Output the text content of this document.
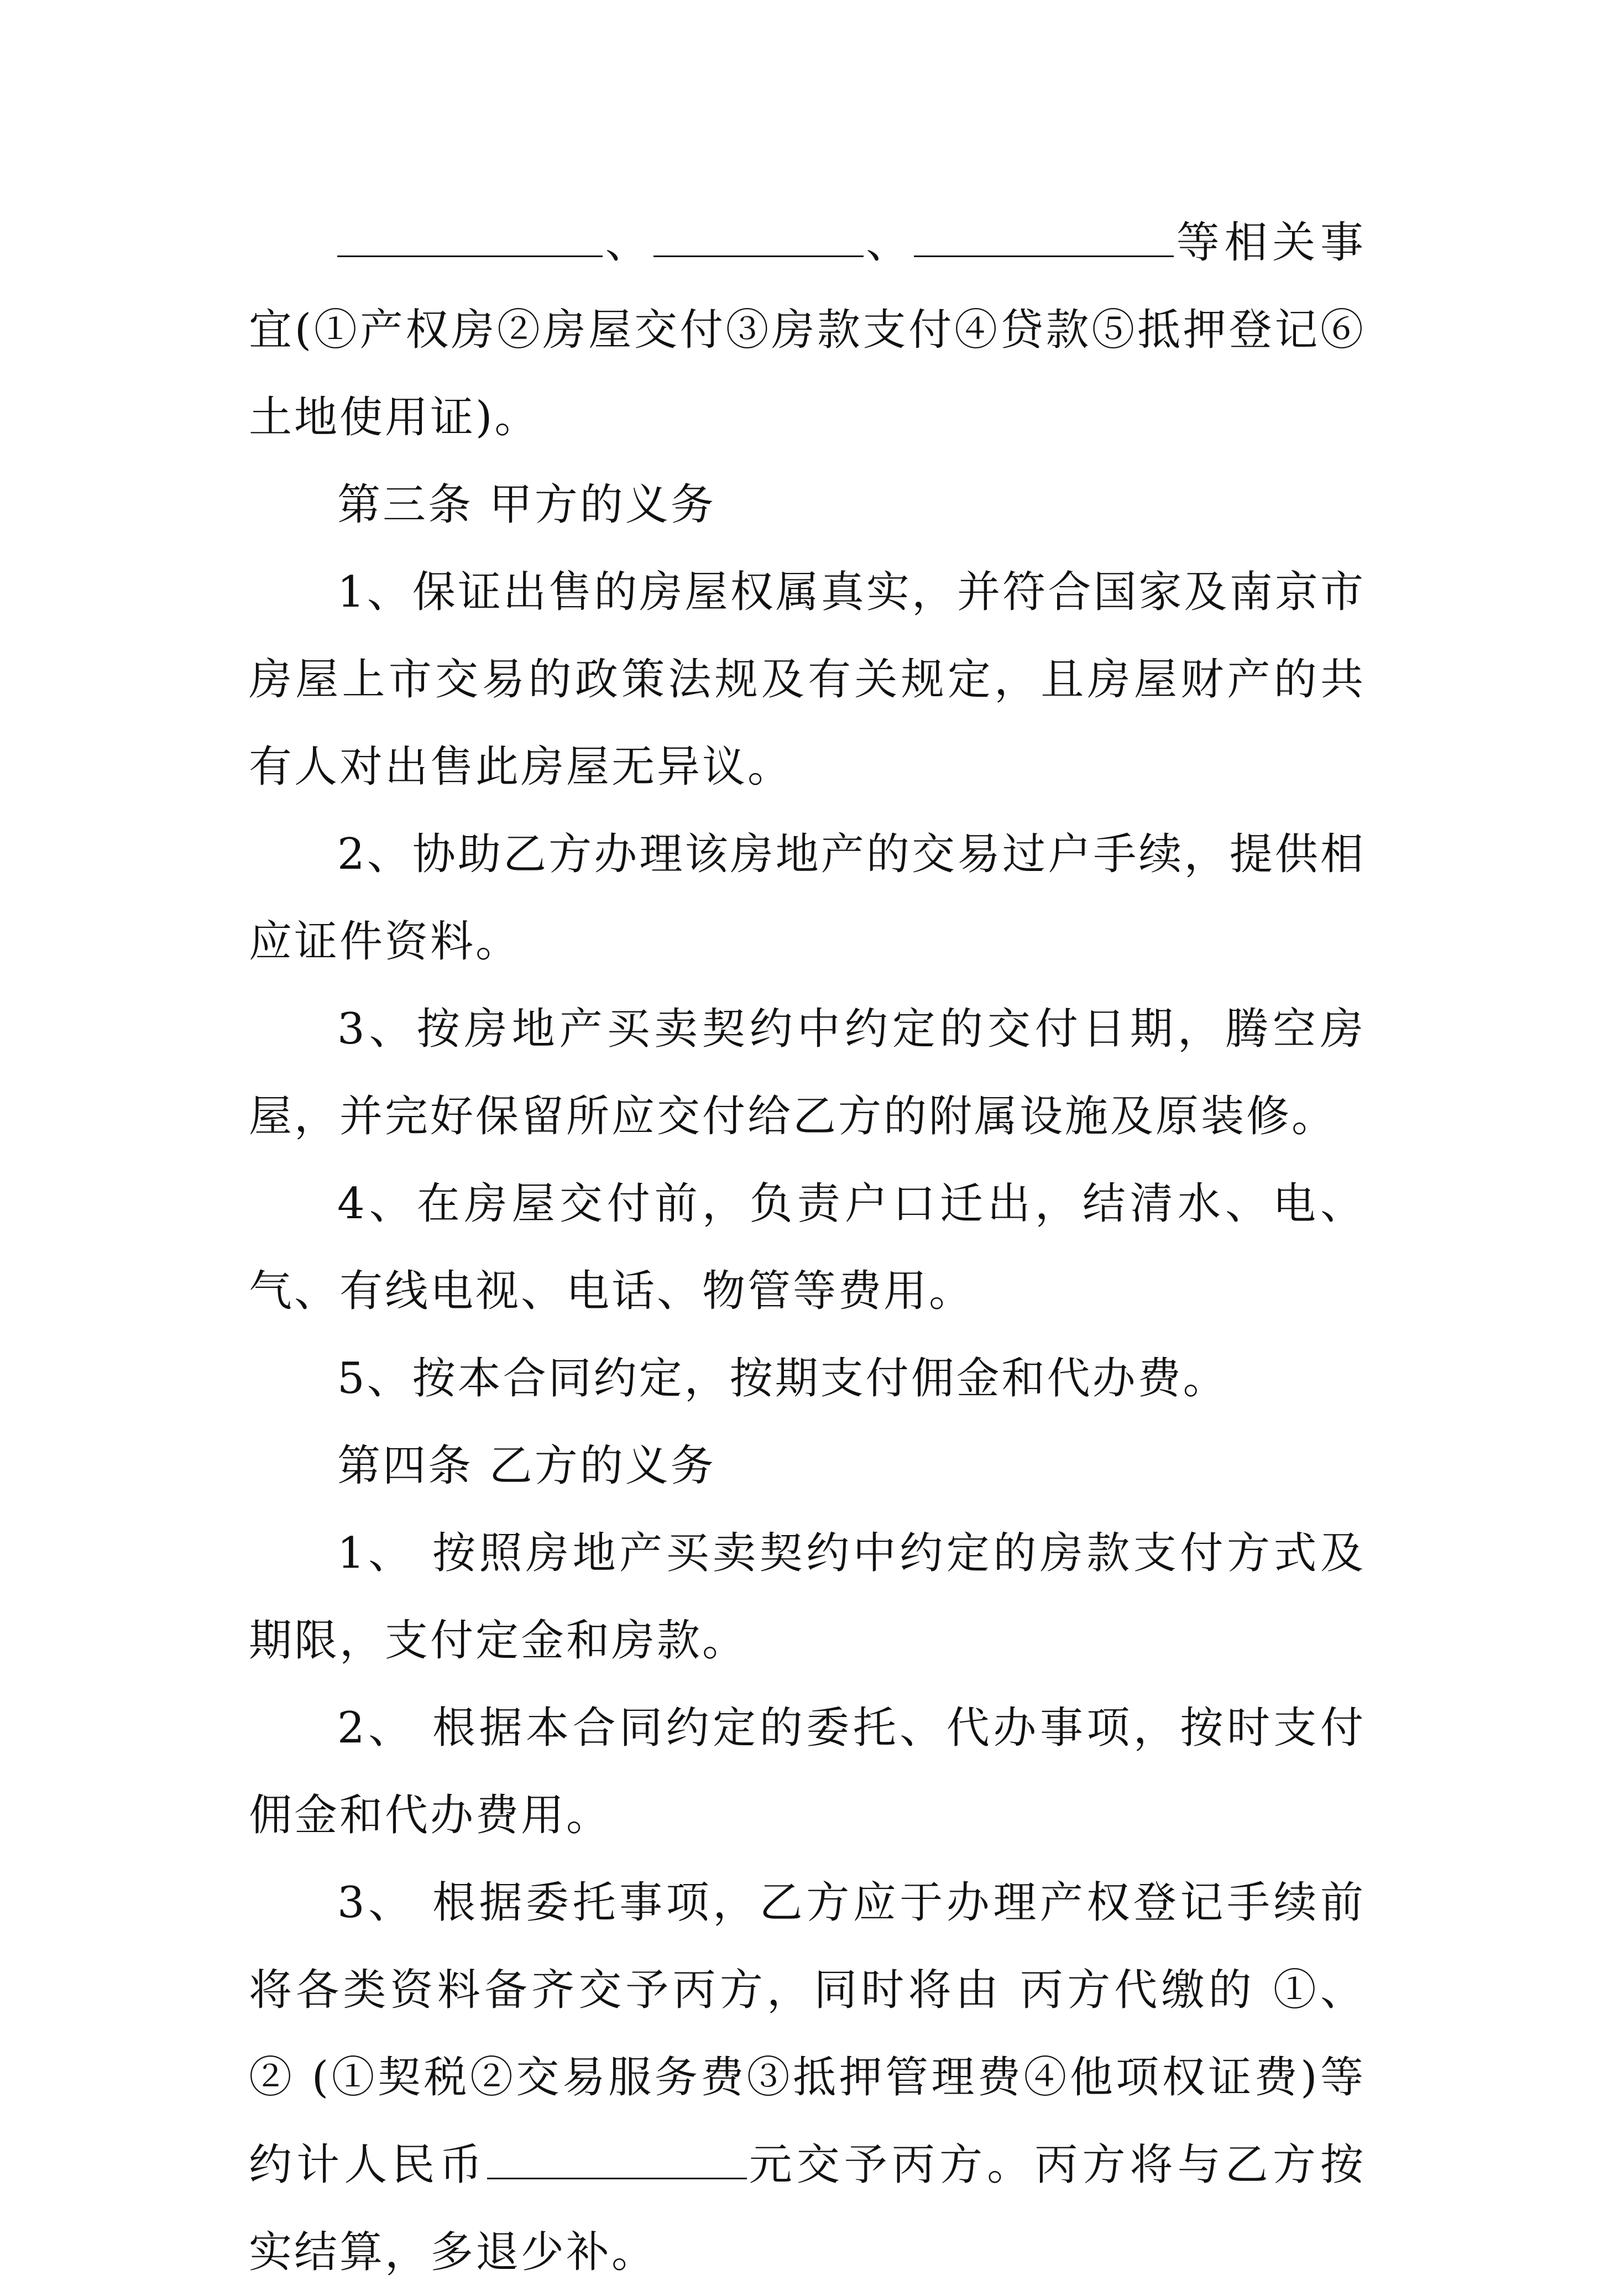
、	、	等相关事宜(①产权房②房屋交付③房款支付④贷款⑤抵押登记⑥土地使用证)。

第三条 甲方的义务

1、保证出售的房屋权属真实，并符合国家及南京市房屋上市交易的政策法规及有关规定，且房屋财产的共有人对出售此房屋无异议。

2、协助乙方办理该房地产的交易过户手续，提供相应证件资料。

3、按房地产买卖契约中约定的交付日期，腾空房屋，并完好保留所应交付给乙方的附属设施及原装修。

4、在房屋交付前，负责户口迁出，结清水、电、气、有线电视、电话、物管等费用。

5、按本合同约定，按期支付佣金和代办费。

第四条 乙方的义务

1、 按照房地产买卖契约中约定的房款支付方式及期限，支付定金和房款。

2、 根据本合同约定的委托、代办事项，按时支付佣金和代办费用。

3、 根据委托事项，乙方应于办理产权登记手续前将各类资料备齐交予丙方，同时将由 丙方代缴的 ①、② (①契税②交易服务费③抵押管理费④他项权证费)等约计人民币	元交予丙方。丙方将与乙方按实结算，多退少补。
